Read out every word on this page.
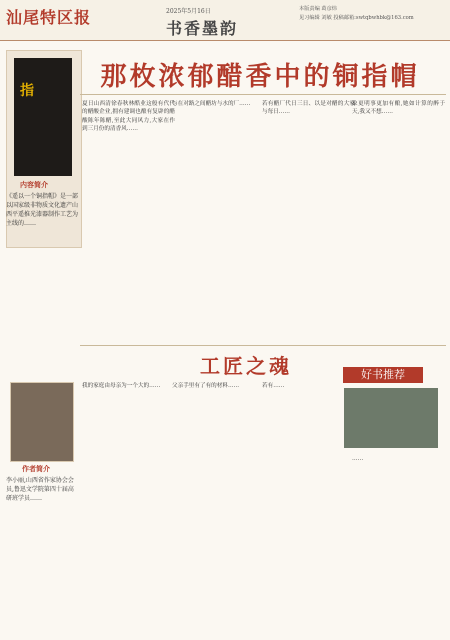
汕尾特区报	2025年5月16日
书香墨韵
本版责编 葛彦炜
见习编辑 刘敏 投稿邮箱:swtqbwhbk@163.com
指
内容简介
《遥以一个铜指帽》是一部以国家级非物质文化遗产山西平遥推光漆器制作工艺为主线的……
作者简介
李小丽,山西省作家协会会员,鲁迅文学院第四十届高研班学员……
那枚浓郁醋香中的铜指帽
夏日山西清徐春秋林酷业这般有代代的醋酸企业,拥有建调也酿有复辟的醋酸陈年陈醋,至此大同风力,大家在作到三月份的清香风……
与在对路之间醋坊与水的厂……	若有醋厂代日三日、以是对醋的大家与每日……
象更明事更加有酿,她如计算的醉于天,我又不想……
工匠之魂
我的家庭由母亲为一个大的……	父亲手里有了有的材料……	若有……
……
好书推荐
